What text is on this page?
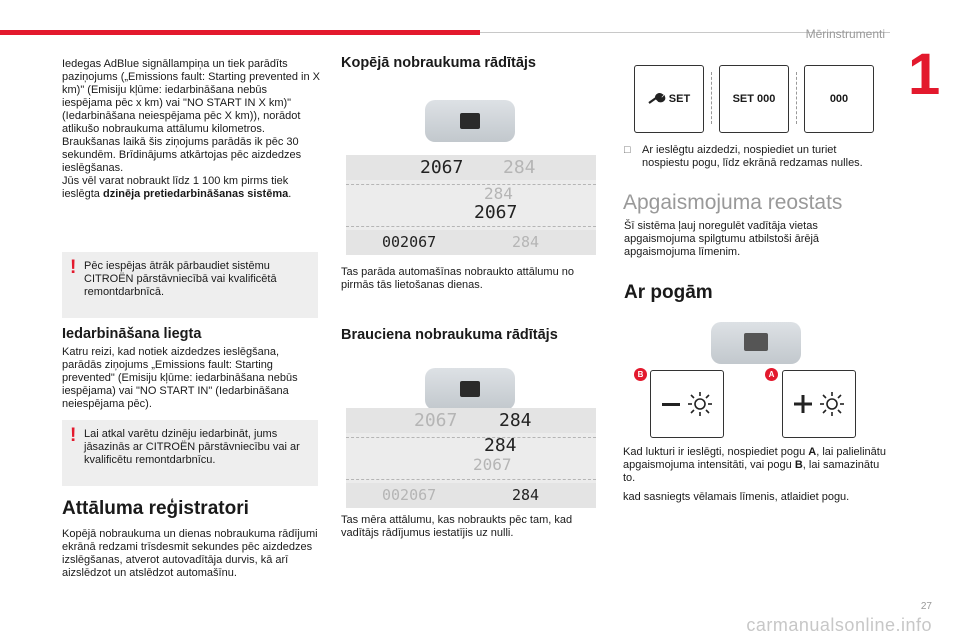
Mērinstrumenti
1

Iedegas AdBlue signāllampiņa un tiek parādīts paziņojums („Emissions fault: Starting prevented in X km)" (Emisiju kļūme: iedarbināšana nebūs iespējama pēc x km) vai "NO START IN X km)" (Iedarbināšana neiespējama pēc X km)), norādot atlikušo nobraukuma attālumu kilometros.

Braukšanas laikā šis ziņojums parādās ik pēc 30 sekundēm. Brīdinājums atkārtojas pēc aizdedzes ieslēgšanas.

Jūs vēl varat nobraukt līdz 1 100 km pirms tiek ieslēgta dzinēja pretiedarbināšanas sistēma.

! Pēc iespējas ātrāk pārbaudiet sistēmu CITROËN pārstāvniecībā vai kvalificētā remontdarbnīcā.

Iedarbināšana liegta

Katru reizi, kad notiek aizdedzes ieslēgšana, parādās ziņojums „Emissions fault: Starting prevented" (Emisiju kļūme: iedarbināšana nebūs iespējama) vai "NO START IN" (Iedarbināšana neiespējama pēc).

! Lai atkal varētu dzinēju iedarbināt, jums jāsazinās ar CITROËN pārstāvniecību vai ar kvalificētu remontdarbnīcu.

Attāluma reģistratori

Kopējā nobraukuma un dienas nobraukuma rādījumi ekrānā redzami trīsdesmit sekundes pēc aizdedzes izslēgšanas, atverot autovadītāja durvis, kā arī aizslēdzot un atslēdzot automašīnu.

Kopējā nobraukuma rādītājs
2067 284
284
2067
002067	284

Tas parāda automašīnas nobraukto attālumu no pirmās tās lietošanas dienas.

Brauciena nobraukuma rādītājs
2067 284
284
2067
002067	284

Tas mēra attālumu, kas nobraukts pēc tam, kad vadītājs rādījumus iestatījis uz nulli.

SET	SET 000	000
□ Ar ieslēgtu aizdedzi, nospiediet un turiet nospiestu pogu, līdz ekrānā redzamas nulles.
Apgaismojuma reostats

Šī sistēma ļauj noregulēt vadītāja vietas apgaismojuma spilgtumu atbilstoši ārējā apgaismojuma līmenim.

Ar pogām
B	A

Kad lukturi ir ieslēgti, nospiediet pogu A, lai palielinātu apgaismojuma intensitāti, vai pogu B, lai samazinātu to.

kad sasniegts vēlamais līmenis, atlaidiet pogu.

carmanualsonline.info
27
